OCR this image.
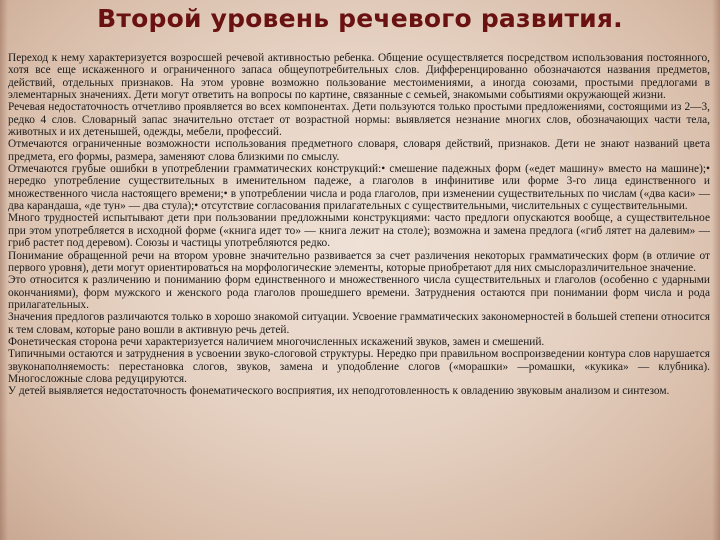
Второй уровень речевого развития.

Переход к нему характеризуется возросшей речевой активностью ребенка. Общение осуществляется посредством использования постоянного, хотя все еще искаженного и ограниченного запаса общеупотребительных слов. Дифференцированно обозначаются названия предметов, действий, отдельных признаков. На этом уровне возможно пользование местоимениями, а иногда союзами, простыми предлогами в элементарных значениях. Дети могут ответить на вопросы по картине, связанные с семьей, знакомыми событиями окружающей жизни.

Речевая недостаточность отчетливо проявляется во всех компонентах. Дети пользуются только простыми предложениями, состоящими из 2—3, редко 4 слов. Словарный запас значительно отстает от возрастной нормы: выявляется незнание многих слов, обозначающих части тела, животных и их детенышей, одежды, мебели, профессий.

Отмечаются ограниченные возможности использования предметного словаря, словаря действий, признаков. Дети не знают названий цвета предмета, его формы, размера, заменяют слова близкими по смыслу.

Отмечаются грубые ошибки в употреблении грамматических конструкций:• смешение падежных форм («едет машину» вместо на машине);• нередко употребление существительных в именительном падеже, а глаголов в инфинитиве или форме 3-го лица единственного и множественного числа настоящего времени;• в употреблении числа и рода глаголов, при изменении существительных по числам («два каси» — два карандаша, «де тун» — два стула);• отсутствие согласования прилагательных с существительными, числительных с существительными.

Много трудностей испытывают дети при пользовании предложными конструкциями: часто предлоги опускаются вообще, а существительное при этом употребляется в исходной форме («книга идет то» — книга лежит на столе); возможна и замена предлога («гиб лятет на далевим» — гриб растет под деревом). Союзы и частицы употребляются редко.

Понимание обращенной речи на втором уровне значительно развивается за счет различения некоторых грамматических форм (в отличие от первого уровня), дети могут ориентироваться на морфологические элементы, которые приобретают для них смыслоразличительное значение.

Это относится к различению и пониманию форм единственного и множественного числа существительных и глаголов (особенно с ударными окончаниями), форм мужского и женского рода глаголов прошедшего времени. Затруднения остаются при понимании форм числа и рода прилагательных.

Значения предлогов различаются только в хорошо знакомой ситуации. Усвоение грамматических закономерностей в большей степени относится к тем словам, которые рано вошли в активную речь детей.

Фонетическая сторона речи характеризуется наличием многочисленных искажений звуков, замен и смешений.

Типичными остаются и затруднения в усвоении звуко-слоговой структуры. Нередко при правильном воспроизведении контура слов нарушается звуконаполняемость: перестановка слогов, звуков, замена и уподобление слогов («морашки» —ромашки, «кукика» — клубника). Многосложные слова редуцируются.

У детей выявляется недостаточность фонематического восприятия, их неподготовленность к овладению звуковым анализом и синтезом.
